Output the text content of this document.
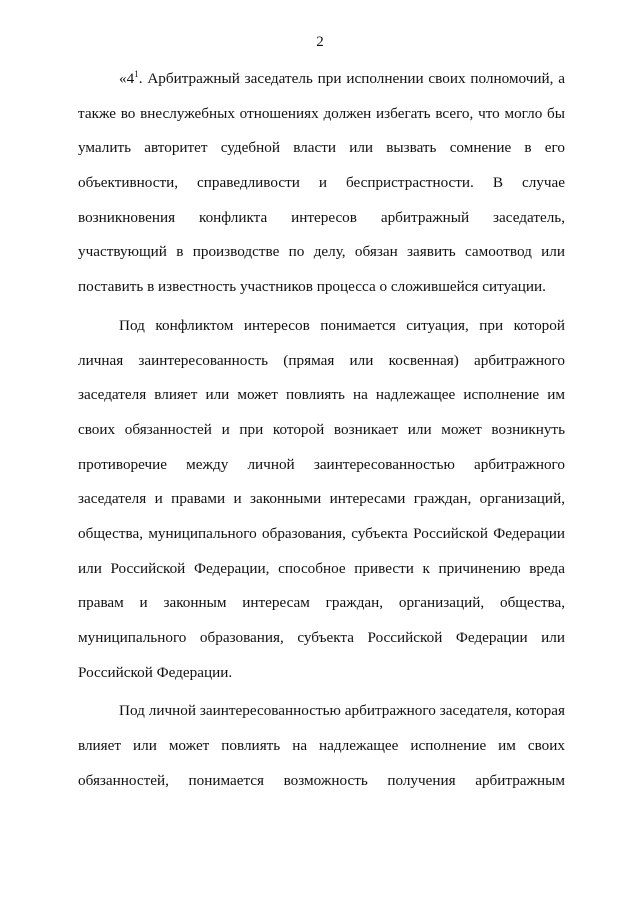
2
«$4^1$. Арбитражный заседатель при исполнении своих полномочий, а
также во внеслужебных отношениях должен избегать всего, что могло бы
умалить авторитет судебной власти или вызвать сомнение в его
объективности, справедливости и беспристрастности. В случае
возникновения конфликта интересов арбитражный заседатель,
участвующий в производстве по делу, обязан заявить самоотвод или
поставить в известность участников процесса о сложившейся ситуации.
Под конфликтом интересов понимается ситуация, при которой
личная заинтересованность (прямая или косвенная) арбитражного
заседателя влияет или может повлиять на надлежащее исполнение им
своих обязанностей и при которой возникает или может возникнуть
противоречие между личной заинтересованностью арбитражного
заседателя и правами и законными интересами граждан, организаций,
общества, муниципального образования, субъекта Российской Федерации
или Российской Федерации, способное привести к причинению вреда
правам и законным интересам граждан, организаций, общества,
муниципального образования, субъекта Российской Федерации или
Российской Федерации.
Под личной заинтересованностью арбитражного заседателя, которая
влияет или может повлиять на надлежащее исполнение им своих
обязанностей, понимается возможность получения арбитражным
